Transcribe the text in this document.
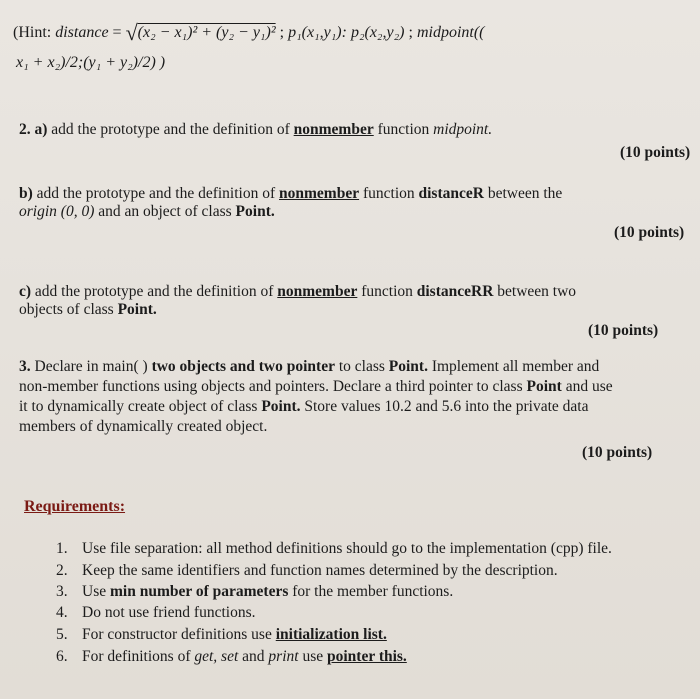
(Hint: distance = √(x₂ − x₁)² + (y₂ − y₁)² ; p₁(x₁,y₁): p₂(x₂,y₂) ; midpoint((
x₁ + x₂)/2;(y₁ + y₂)/2) )
2. a) add the prototype and the definition of nonmember function midpoint.
(10 points)
b) add the prototype and the definition of nonmember function distanceR between the
origin (0, 0) and an object of class Point.
(10 points)
c) add the prototype and the definition of nonmember function distanceRR between two
objects of class Point.
(10 points)
3. Declare in main( ) two objects and two pointer to class Point. Implement all member and
non-member functions using objects and pointers. Declare a third pointer to class Point and use
it to dynamically create object of class Point. Store values 10.2 and 5.6 into the private data
members of dynamically created object.
(10 points)
Requirements:
1. Use file separation: all method definitions should go to the implementation (cpp) file.
2. Keep the same identifiers and function names determined by the description.
3. Use min number of parameters for the member functions.
4. Do not use friend functions.
5. For constructor definitions use initialization list.
6. For definitions of get, set and print use pointer this.
